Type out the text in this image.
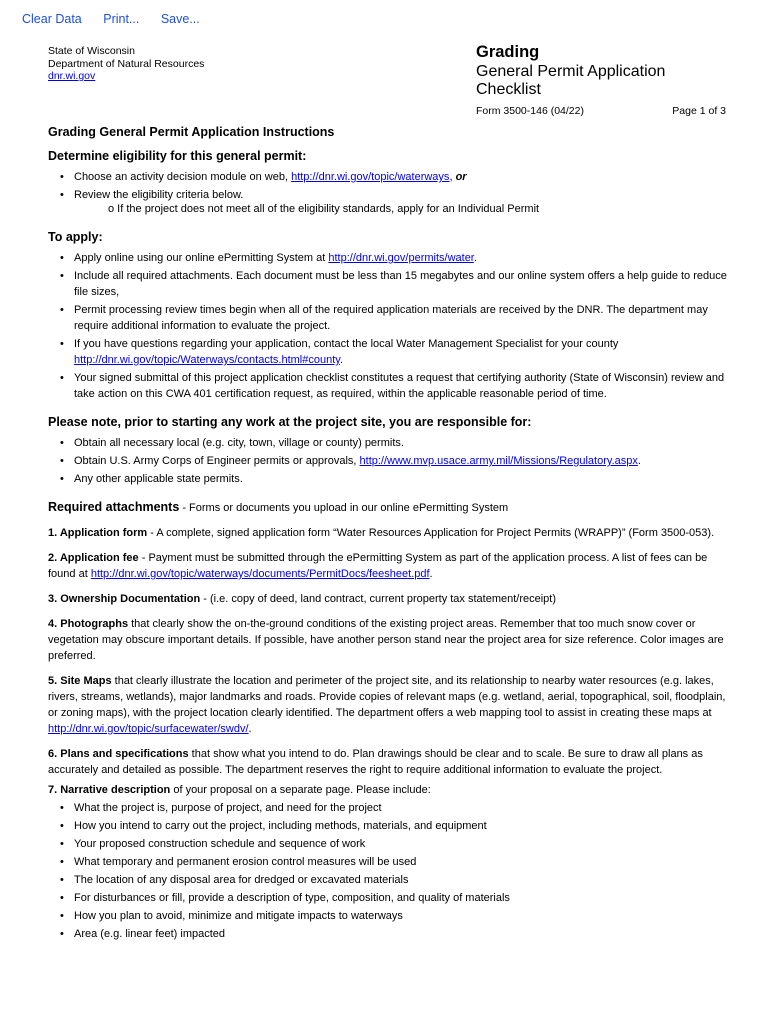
Clear Data Print... Save...
State of Wisconsin
Department of Natural Resources
dnr.wi.gov
Grading
General Permit Application Checklist
Form 3500-146 (04/22)	Page 1 of 3
Grading General Permit Application Instructions
Determine eligibility for this general permit:
• Choose an activity decision module on web, http://dnr.wi.gov/topic/waterways, or
• Review the eligibility criteria below.
o If the project does not meet all of the eligibility standards, apply for an Individual Permit
To apply:
• Apply online using our online ePermitting System at http://dnr.wi.gov/permits/water.
• Include all required attachments. Each document must be less than 15 megabytes and our online system offers a help guide to reduce file sizes,
• Permit processing review times begin when all of the required application materials are received by the DNR. The department may require additional information to evaluate the project.
• If you have questions regarding your application, contact the local Water Management Specialist for your county
http://dnr.wi.gov/topic/Waterways/contacts.html#county.
• Your signed submittal of this project application checklist constitutes a request that certifying authority (State of Wisconsin) review and take action on this CWA 401 certification request, as required, within the applicable reasonable period of time.
Please note, prior to starting any work at the project site, you are responsible for:
• Obtain all necessary local (e.g. city, town, village or county) permits.
• Obtain U.S. Army Corps of Engineer permits or approvals, http://www.mvp.usace.army.mil/Missions/Regulatory.aspx.
• Any other applicable state permits.
Required attachments - Forms or documents you upload in our online ePermitting System
1. Application form - A complete, signed application form “Water Resources Application for Project Permits (WRAPP)” (Form 3500-053).
2. Application fee - Payment must be submitted through the ePermitting System as part of the application process. A list of fees can be found at http://dnr.wi.gov/topic/waterways/documents/PermitDocs/feesheet.pdf.
3. Ownership Documentation - (i.e. copy of deed, land contract, current property tax statement/receipt)
4. Photographs that clearly show the on-the-ground conditions of the existing project areas. Remember that too much snow cover or vegetation may obscure important details. If possible, have another person stand near the project area for size reference. Color images are preferred.
5. Site Maps that clearly illustrate the location and perimeter of the project site, and its relationship to nearby water resources (e.g. lakes, rivers, streams, wetlands), major landmarks and roads. Provide copies of relevant maps (e.g. wetland, aerial, topographical, soil, floodplain, or zoning maps), with the project location clearly identified. The department offers a web mapping tool to assist in creating these maps at http://dnr.wi.gov/topic/surfacewater/swdv/.
6. Plans and specifications that show what you intend to do. Plan drawings should be clear and to scale. Be sure to draw all plans as accurately and detailed as possible. The department reserves the right to require additional information to evaluate the project.
7. Narrative description of your proposal on a separate page. Please include:
• What the project is, purpose of project, and need for the project
• How you intend to carry out the project, including methods, materials, and equipment
• Your proposed construction schedule and sequence of work
• What temporary and permanent erosion control measures will be used
• The location of any disposal area for dredged or excavated materials
• For disturbances or fill, provide a description of type, composition, and quality of materials
• How you plan to avoid, minimize and mitigate impacts to waterways
• Area (e.g. linear feet) impacted
